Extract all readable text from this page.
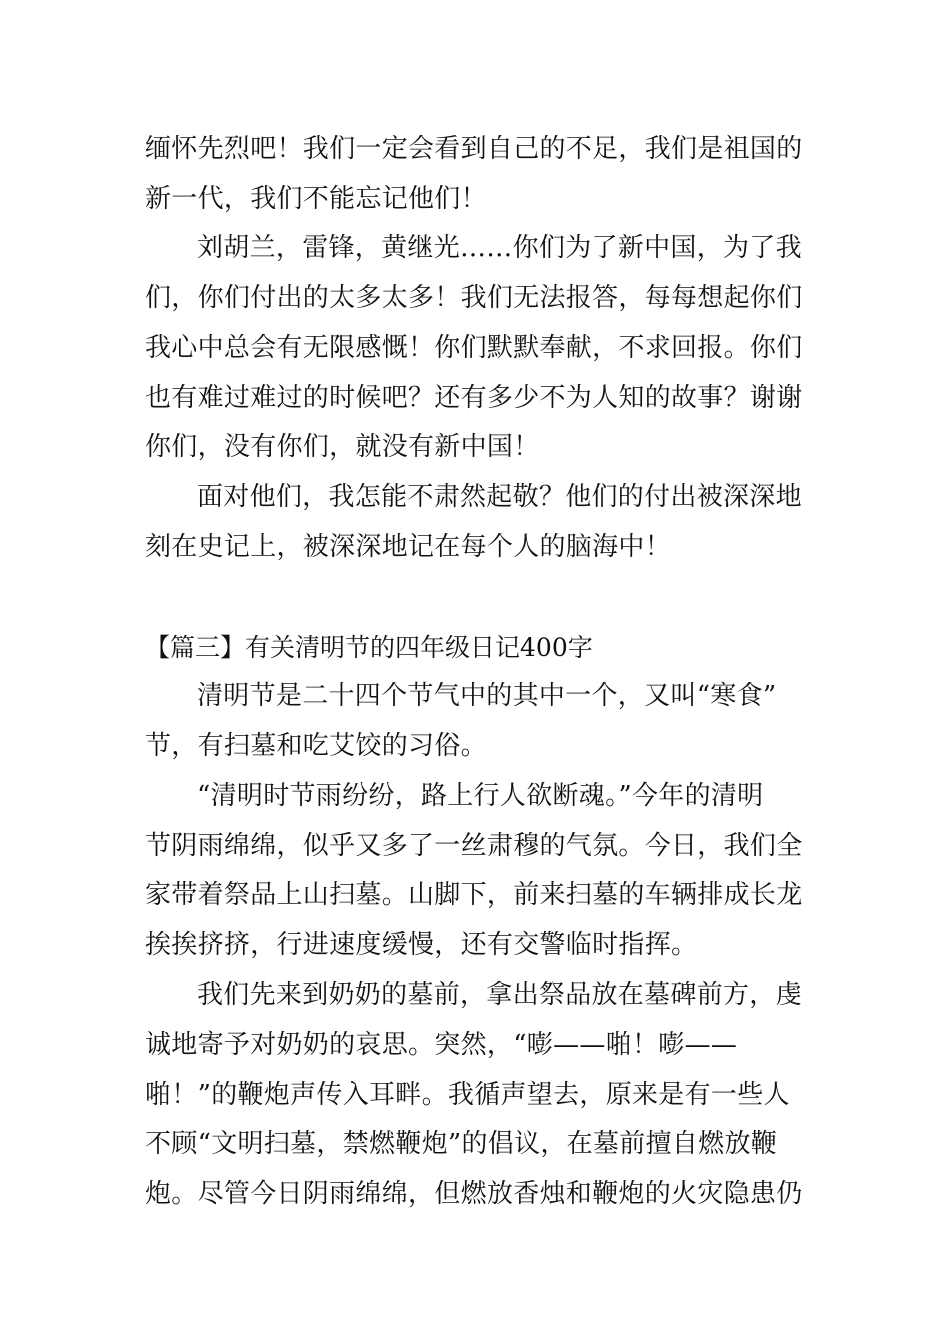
缅怀先烈吧！我们一定会看到自己的不足，我们是祖国的
新一代，我们不能忘记他们！
刘胡兰，雷锋，黄继光……你们为了新中国，为了我
们，你们付出的太多太多！我们无法报答，每每想起你们
我心中总会有无限感慨！你们默默奉献，不求回报。你们
也有难过难过的时候吧？还有多少不为人知的故事？谢谢
你们，没有你们，就没有新中国！
面对他们，我怎能不肃然起敬？他们的付出被深深地
刻在史记上，被深深地记在每个人的脑海中！
【篇三】有关清明节的四年级日记400字
清明节是二十四个节气中的其中一个，又叫“寒食”
节，有扫墓和吃艾饺的习俗。
“清明时节雨纷纷，路上行人欲断魂。”今年的清明
节阴雨绵绵，似乎又多了一丝肃穆的气氛。今日，我们全
家带着祭品上山扫墓。山脚下，前来扫墓的车辆排成长龙
挨挨挤挤，行进速度缓慢，还有交警临时指挥。
我们先来到奶奶的墓前，拿出祭品放在墓碑前方，虔
诚地寄予对奶奶的哀思。突然，“嘭——啪！嘭——
啪！”的鞭炮声传入耳畔。我循声望去，原来是有一些人
不顾“文明扫墓，禁燃鞭炮”的倡议，在墓前擅自燃放鞭
炮。尽管今日阴雨绵绵，但燃放香烛和鞭炮的火灾隐患仍
